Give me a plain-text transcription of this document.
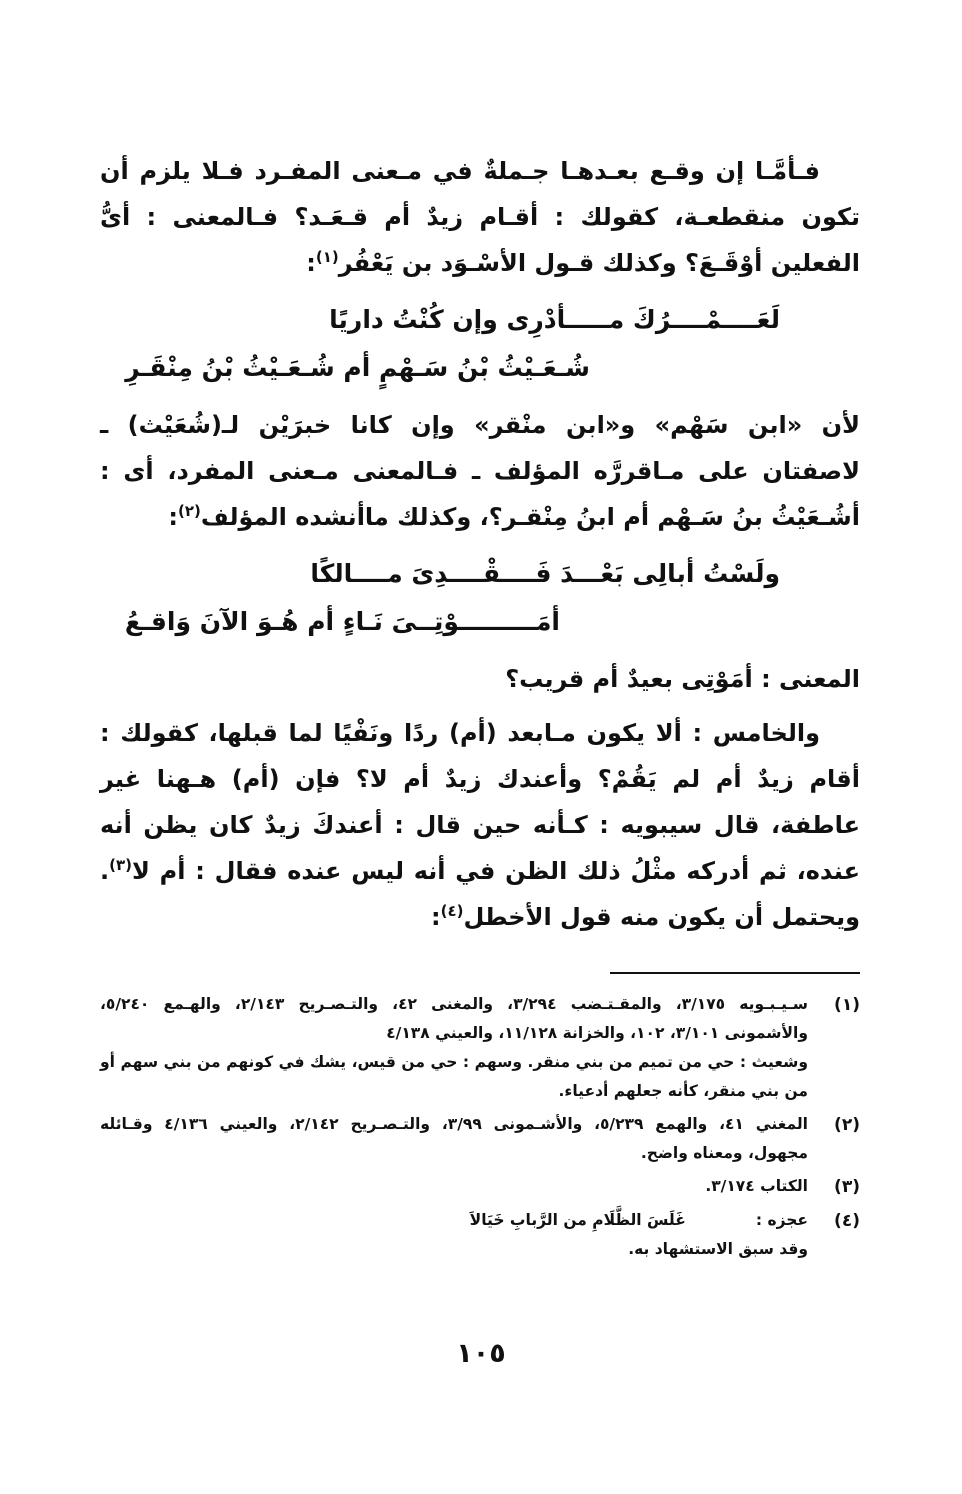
فـأمَّـا إن وقـع بعـدهـا جـملةٌ في مـعنى المفـرد فـلا يلزم أن تكون منقطعـة، كقولك : أقـام زيدٌ أم قـعَـد؟ فـالمعنى : أىُّ الفعلين أوْقَـعَ؟ وكذلك قـول الأسْـوَد بن يَعْفُر$^{(١)}$:

لَعَــــمْــــرُكَ مـــــأدْرِى وإن كُنْتُ داريًا
شُـعَـيْثُ بْنُ سَـهْمٍ أم شُـعَـيْثُ بْنُ مِنْقَـرِ

لأن «ابن سَهْم» و«ابن منْقر» وإن كانا خبرَيْن لـ(شُعَيْث) ـ لاصفتان على مـاقررَّه المؤلف ـ فـالمعنى مـعنى المفرد، أى : أشُـعَيْثُ بنُ سَـهْم أم ابنُ مِنْقـر؟، وكذلك ماأنشده المؤلف$^{(٢)}$:

ولَسْتُ أبالِى بَعْـــدَ فَــــقْــــدِىَ مــــالكًا
أمَـــــــــوْتِــىَ نَـاءٍ أم هُـوَ الآنَ وَاقـعُ

المعنى : أمَوْتِى بعيدٌ أم قريب؟

والخامس : ألا يكون مـابعد (أم) ردًا ونَفْيًا لما قبلها، كقولك : أقام زيدٌ أم لم يَقُمْ؟ وأعندك زيدٌ أم لا؟ فإن (أم) هـهنا غير عاطفة، قال سيبويه : كـأنه حين قال : أعندكَ زيدٌ كان يظن أنه عنده، ثم أدركه مثْلُ ذلك الظن في أنه ليس عنده فقال : أم لا$^{(٣)}$. ويحتمل أن يكون منه قول الأخطل$^{(٤)}$:

(١)
سـيـبـويه ٣/١٧٥، والمقـتـضب ٣/٢٩٤، والمغنى ٤٢، والتـصـريح ٢/١٤٣، والهـمع ٥/٢٤٠، والأشمونى ٣/١٠١، ١٠٢، والخزانة ١١/١٢٨، والعيني ٤/١٣٨
وشعيث : حي من تميم من بني منقر. وسهم : حي من قيس، يشك في كونهم من بني سهم أو من بني منقر، كأنه جعلهم أدعياء.
(٢)
المغني ٤١، والهمع ٥/٢٣٩، والأشـمونى ٣/٩٩، والتـصـريح ٢/١٤٢، والعيني ٤/١٣٦ وقـائله مجهول، ومعناه واضح.
(٣)
الكتاب ٣/١٧٤.
(٤)
عجزه :غَلَسَ الظَّلَامِ من الرَّبابِ خَيَالاَ
وقد سبق الاستشهاد به.
١٠٥
